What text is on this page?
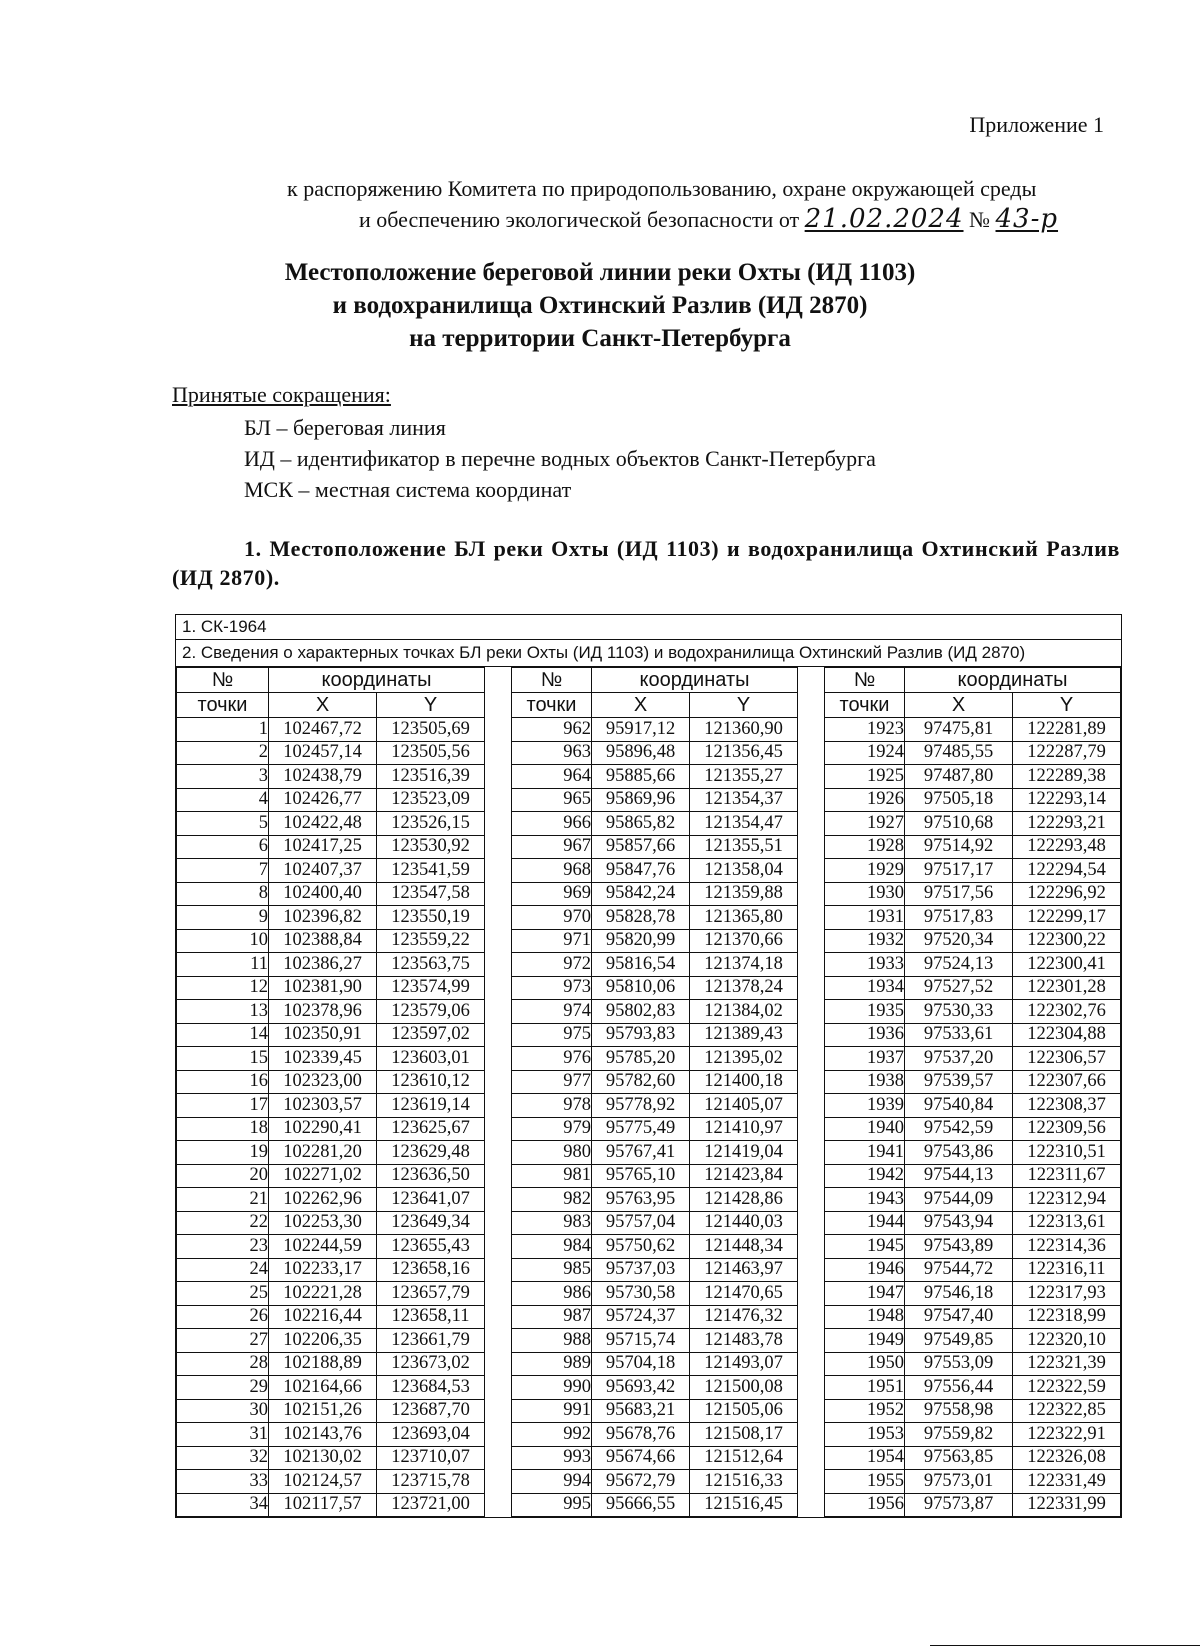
Приложение 1
к распоряжению Комитета по природопользованию, охране окружающей среды
и обеспечению экологической безопасности от 21.02.2024 № 43-р
Местоположение береговой линии реки Охты (ИД 1103)
и водохранилища Охтинский Разлив (ИД 2870)
на территории Санкт-Петербурга
Принятые сокращения:
БЛ – береговая линия
ИД – идентификатор в перечне водных объектов Санкт-Петербурга
МСК – местная система координат
1. Местоположение БЛ реки Охты (ИД 1103) и водохранилища Охтинский Разлив (ИД 2870).
1. СК-1964
2. Сведения о характерных точках БЛ реки Охты (ИД 1103) и водохранилища Охтинский Разлив (ИД 2870)
№	координаты	
точки	X	Y
1	102467,72	123505,69
2	102457,14	123505,56
3	102438,79	123516,39
4	102426,77	123523,09
5	102422,48	123526,15
6	102417,25	123530,92
7	102407,37	123541,59
8	102400,40	123547,58
9	102396,82	123550,19
10	102388,84	123559,22
11	102386,27	123563,75
12	102381,90	123574,99
13	102378,96	123579,06
14	102350,91	123597,02
15	102339,45	123603,01
16	102323,00	123610,12
17	102303,57	123619,14
18	102290,41	123625,67
19	102281,20	123629,48
20	102271,02	123636,50
21	102262,96	123641,07
22	102253,30	123649,34
23	102244,59	123655,43
24	102233,17	123658,16
25	102221,28	123657,79
26	102216,44	123658,11
27	102206,35	123661,79
28	102188,89	123673,02
29	102164,66	123684,53
30	102151,26	123687,70
31	102143,76	123693,04
32	102130,02	123710,07
33	102124,57	123715,78
34	102117,57	123721,00
№	координаты	
точки	X	Y
962	95917,12	121360,90
963	95896,48	121356,45
964	95885,66	121355,27
965	95869,96	121354,37
966	95865,82	121354,47
967	95857,66	121355,51
968	95847,76	121358,04
969	95842,24	121359,88
970	95828,78	121365,80
971	95820,99	121370,66
972	95816,54	121374,18
973	95810,06	121378,24
974	95802,83	121384,02
975	95793,83	121389,43
976	95785,20	121395,02
977	95782,60	121400,18
978	95778,92	121405,07
979	95775,49	121410,97
980	95767,41	121419,04
981	95765,10	121423,84
982	95763,95	121428,86
983	95757,04	121440,03
984	95750,62	121448,34
985	95737,03	121463,97
986	95730,58	121470,65
987	95724,37	121476,32
988	95715,74	121483,78
989	95704,18	121493,07
990	95693,42	121500,08
991	95683,21	121505,06
992	95678,76	121508,17
993	95674,66	121512,64
994	95672,79	121516,33
995	95666,55	121516,45
№	координаты	
точки	X	Y
1923	97475,81	122281,89
1924	97485,55	122287,79
1925	97487,80	122289,38
1926	97505,18	122293,14
1927	97510,68	122293,21
1928	97514,92	122293,48
1929	97517,17	122294,54
1930	97517,56	122296,92
1931	97517,83	122299,17
1932	97520,34	122300,22
1933	97524,13	122300,41
1934	97527,52	122301,28
1935	97530,33	122302,76
1936	97533,61	122304,88
1937	97537,20	122306,57
1938	97539,57	122307,66
1939	97540,84	122308,37
1940	97542,59	122309,56
1941	97543,86	122310,51
1942	97544,13	122311,67
1943	97544,09	122312,94
1944	97543,94	122313,61
1945	97543,89	122314,36
1946	97544,72	122316,11
1947	97546,18	122317,93
1948	97547,40	122318,99
1949	97549,85	122320,10
1950	97553,09	122321,39
1951	97556,44	122322,59
1952	97558,98	122322,85
1953	97559,82	122322,91
1954	97563,85	122326,08
1955	97573,01	122331,49
1956	97573,87	122331,99
